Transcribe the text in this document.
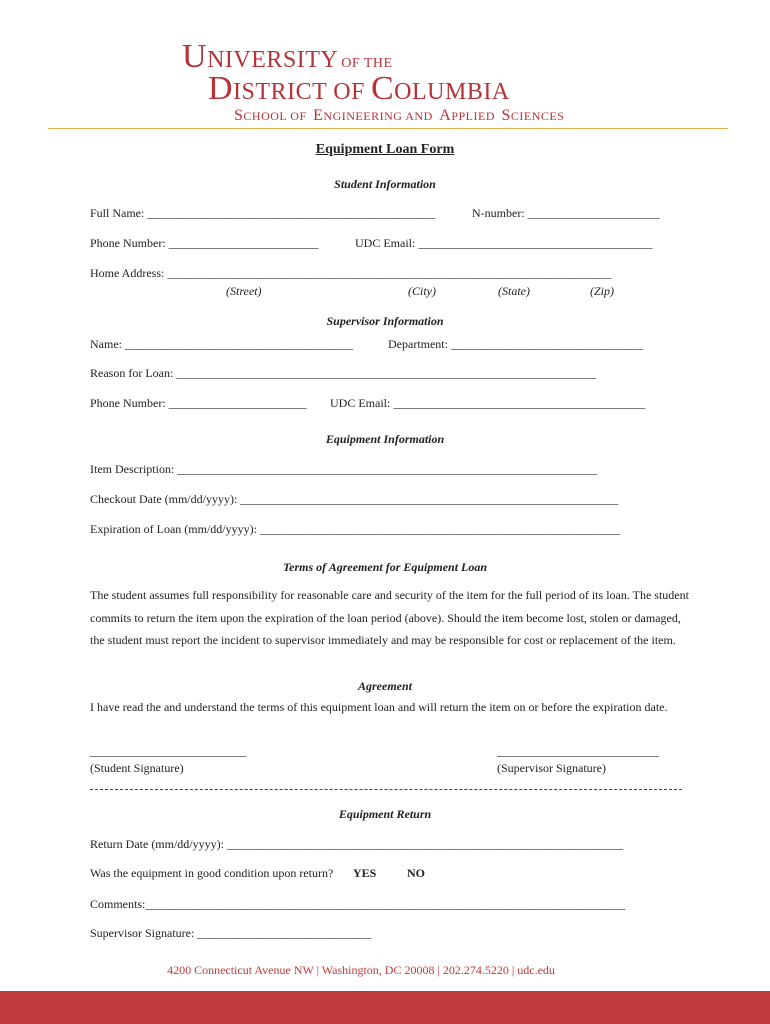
UNIVERSITY OF THE
DISTRICT OF COLUMBIA
SCHOOL OF ENGINEERING AND APPLIED SCIENCES
Equipment Loan Form
Student Information
Full Name: ________________________________________________	N-number: ______________________
Phone Number: _________________________	UDC Email: _______________________________________
Home Address: __________________________________________________________________________
(Street)	(City)	(State)	(Zip)
Supervisor Information
Name: ______________________________________	Department: ________________________________
Reason for Loan: ______________________________________________________________________
Phone Number: _______________________ UDC Email: __________________________________________
Equipment Information
Item Description: ______________________________________________________________________
Checkout Date (mm/dd/yyyy): _______________________________________________________________
Expiration of Loan (mm/dd/yyyy): ____________________________________________________________
Terms of Agreement for Equipment Loan
The student assumes full responsibility for reasonable care and security of the item for the full period of its loan. The student commits to return the item upon the expiration of the loan period (above). Should the item become lost, stolen or damaged, the student must report the incident to supervisor immediately and may be responsible for cost or replacement of the item.
Agreement
I have read the and understand the terms of this equipment loan and will return the item on or before the expiration date.
__________________________	___________________________
(Student Signature)	(Supervisor Signature)
Equipment Return
Return Date (mm/dd/yyyy): __________________________________________________________________
Was the equipment in good condition upon return? YES	NO
Comments:________________________________________________________________________________
Supervisor Signature: _____________________________
4200 Connecticut Avenue NW | Washington, DC 20008 | 202.274.5220 | udc.edu
